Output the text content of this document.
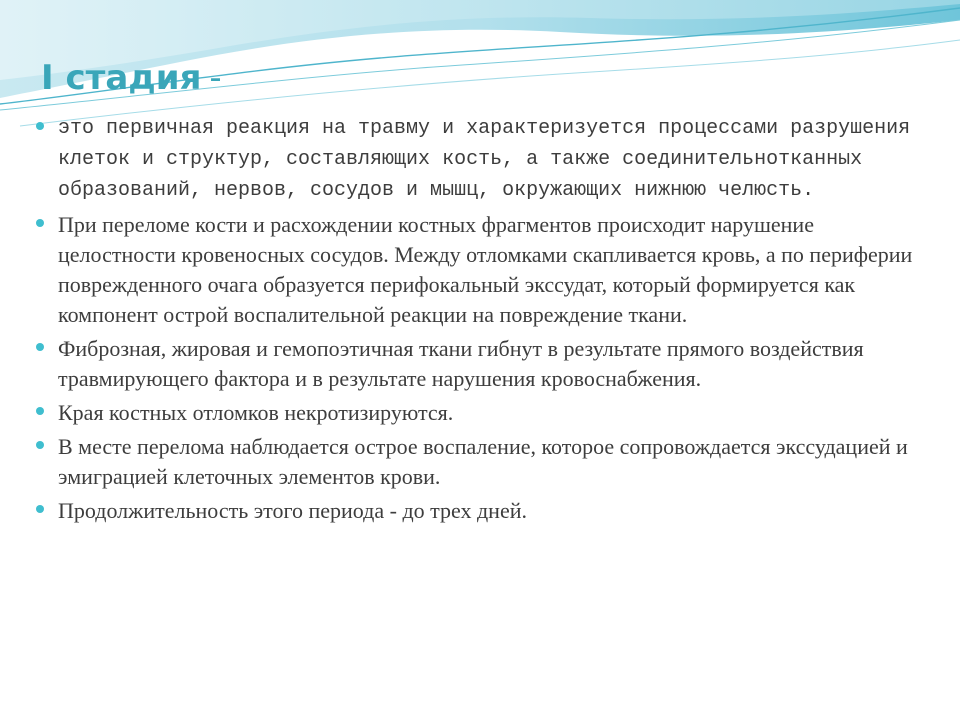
I стадия -
это первичная реакция на травму и характеризуется процессами разрушения клеток и структур, составляющих кость, а также соединительнотканных образований, нервов, сосудов и мышц, окружающих нижнюю челюсть.
При переломе кости и расхождении костных фрагментов происходит нарушение целостности кровеносных сосудов. Между отломками скапливается кровь, а по периферии поврежденного очага образуется перифокальный экссудат, который формируется как компонент острой воспалительной реакции на повреждение ткани.
Фиброзная, жировая и гемопоэтичная ткани гибнут в результате прямого воздействия травмирующего фактора и в результате нарушения кровоснабжения.
Края костных отломков некротизируются.
В месте перелома наблюдается острое воспаление, которое сопровождается экссудацией и эмиграцией клеточных элементов крови.
Продолжительность этого периода - до трех дней.
